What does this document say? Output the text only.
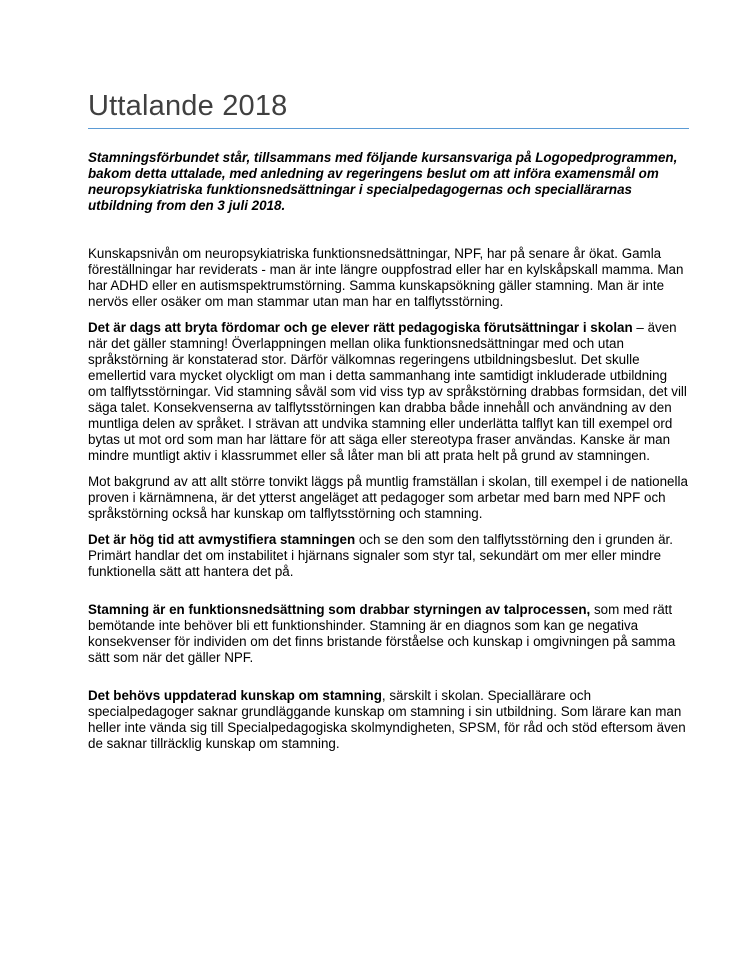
Uttalande 2018

Stamningsförbundet står, tillsammans med följande kursansvariga på Logopedprogrammen, bakom detta uttalade, med anledning av regeringens beslut om att införa examensmål om neuropsykiatriska funktionsnedsättningar i specialpedagogernas och speciallärarnas utbildning from den 3 juli 2018.

Kunskapsnivån om neuropsykiatriska funktionsnedsättningar, NPF, har på senare år ökat. Gamla föreställningar har reviderats - man är inte längre ouppfostrad eller har en kylskåpskall mamma. Man har ADHD eller en autismspektrumstörning. Samma kunskapsökning gäller stamning. Man är inte nervös eller osäker om man stammar utan man har en talflytsstörning.

Det är dags att bryta fördomar och ge elever rätt pedagogiska förutsättningar i skolan – även när det gäller stamning! Överlappningen mellan olika funktionsnedsättningar med och utan språkstörning är konstaterad stor. Därför välkomnas regeringens utbildningsbeslut. Det skulle emellertid vara mycket olyckligt om man i detta sammanhang inte samtidigt inkluderade utbildning om talflytsstörningar. Vid stamning såväl som vid viss typ av språkstörning drabbas formsidan, det vill säga talet. Konsekvenserna av talflytsstörningen kan drabba både innehåll och användning av den muntliga delen av språket. I strävan att undvika stamning eller underlätta talflyt kan till exempel ord bytas ut mot ord som man har lättare för att säga eller stereotypa fraser användas. Kanske är man mindre muntligt aktiv i klassrummet eller så låter man bli att prata helt på grund av stamningen.

Mot bakgrund av att allt större tonvikt läggs på muntlig framställan i skolan, till exempel i de nationella proven i kärnämnena, är det ytterst angeläget att pedagoger som arbetar med barn med NPF och språkstörning också har kunskap om talflytsstörning och stamning.

Det är hög tid att avmystifiera stamningen och se den som den talflytsstörning den i grunden är. Primärt handlar det om instabilitet i hjärnans signaler som styr tal, sekundärt om mer eller mindre funktionella sätt att hantera det på.

Stamning är en funktionsnedsättning som drabbar styrningen av talprocessen, som med rätt bemötande inte behöver bli ett funktionshinder. Stamning är en diagnos som kan ge negativa konsekvenser för individen om det finns bristande förståelse och kunskap i omgivningen på samma sätt som när det gäller NPF.

Det behövs uppdaterad kunskap om stamning, särskilt i skolan. Speciallärare och specialpedagoger saknar grundläggande kunskap om stamning i sin utbildning. Som lärare kan man heller inte vända sig till Specialpedagogiska skolmyndigheten, SPSM, för råd och stöd eftersom även de saknar tillräcklig kunskap om stamning.
